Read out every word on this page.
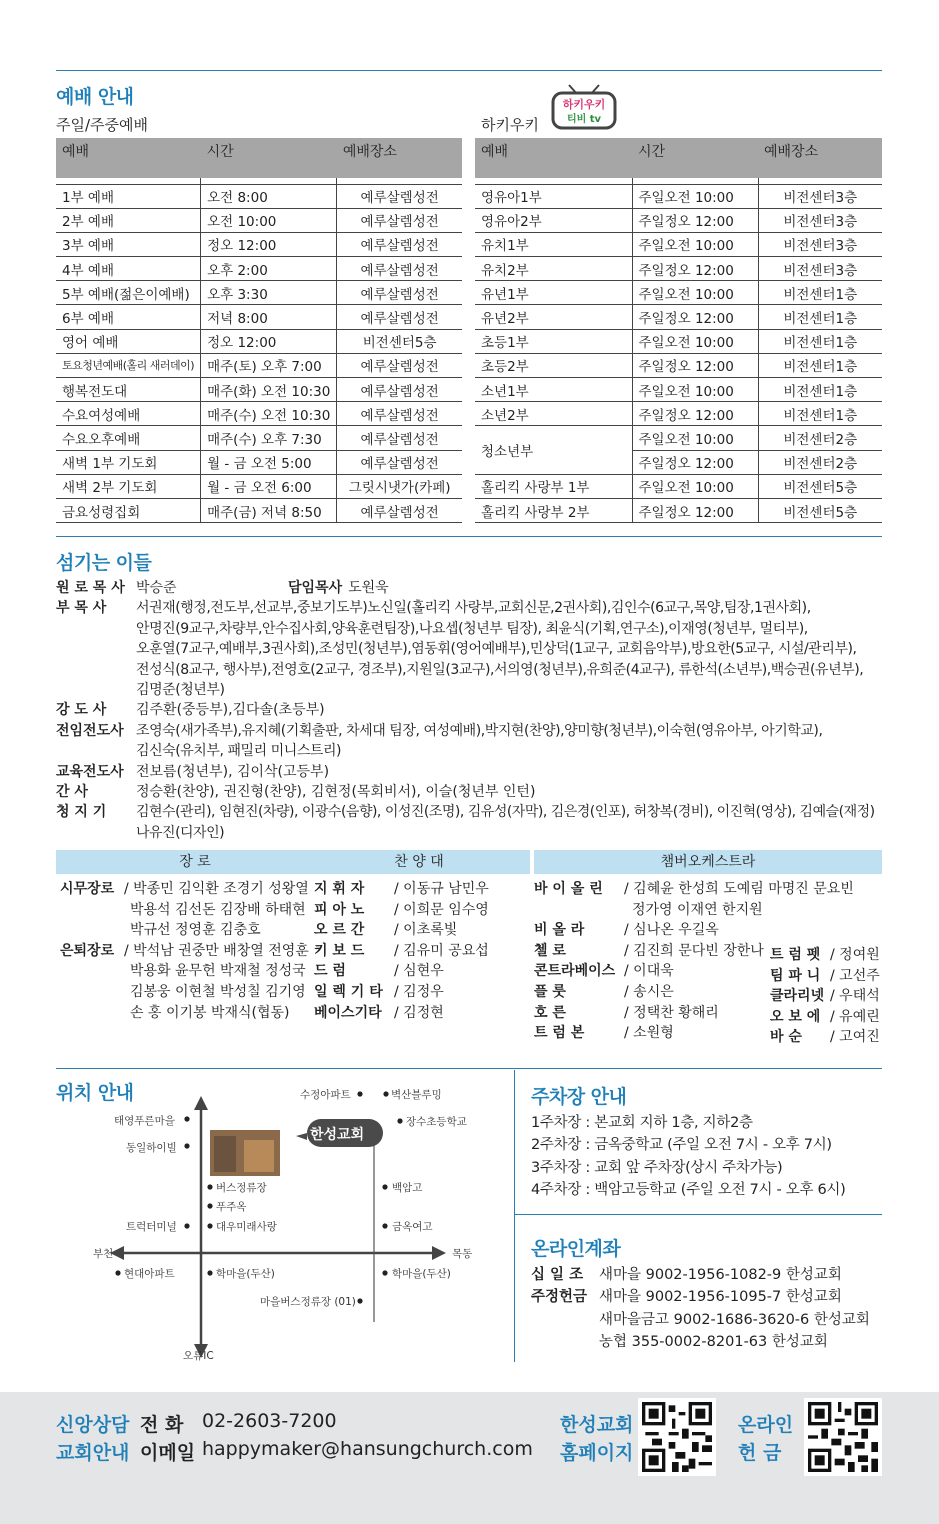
예배 안내
주일/주중예배	하키우키
하키우키
티비 tv
예배	시간	예배장소

1부 예배	오전 8:00	예루살렘성전
2부 예배	오전 10:00	예루살렘성전
3부 예배	정오 12:00	예루살렘성전
4부 예배	오후 2:00	예루살렘성전
5부 예배(젊은이예배)	오후 3:30	예루살렘성전
6부 예배	저녁 8:00	예루살렘성전
영어 예배	정오 12:00	비전센터5층
토요청년예배(홀리 새러데이)	매주(토) 오후 7:00	예루살렘성전
행복전도대	매주(화) 오전 10:30	예루살렘성전
수요여성예배	매주(수) 오전 10:30	예루살렘성전
수요오후예배	매주(수) 오후 7:30	예루살렘성전
새벽 1부 기도회	월 - 금 오전 5:00	예루살렘성전
새벽 2부 기도회	월 - 금 오전 6:00	그릿시냇가(카페)
금요성령집회	매주(금) 저녁 8:50	예루살렘성전
예배	시간	예배장소

영유아1부	주일오전 10:00	비전센터3층
영유아2부	주일정오 12:00	비전센터3층
유치1부	주일오전 10:00	비전센터3층
유치2부	주일정오 12:00	비전센터3층
유년1부	주일오전 10:00	비전센터1층
유년2부	주일정오 12:00	비전센터1층
초등1부	주일오전 10:00	비전센터1층
초등2부	주일정오 12:00	비전센터1층
소년1부	주일오전 10:00	비전센터1층
소년2부	주일정오 12:00	비전센터1층
청소년부	주일오전 10:00	비전센터2층
	주일정오 12:00	비전센터2층
홀리킥 사랑부 1부	주일오전 10:00	비전센터5층
홀리킥 사랑부 2부	주일정오 12:00	비전센터5층
섬기는 이들
원 로 목 사 박승준	담임목사 도원욱
부 목 사	서권재(행정,전도부,선교부,중보기도부)노신일(홀리킥 사랑부,교회신문,2권사회),김인수(6교구,목양,팀장,1권사회),
안명진(9교구,차량부,안수집사회,양육훈련팀장),나요셉(청년부 팀장), 최윤식(기획,연구소),이재영(청년부, 멀티부),
오훈열(7교구,예배부,3권사회),조성민(청년부),염동휘(영어예배부),민상덕(1교구, 교회음악부),방요한(5교구, 시설/관리부),
전성식(8교구, 행사부),전영호(2교구, 경조부),지원일(3교구),서의영(청년부),유희준(4교구), 류한석(소년부),백승권(유년부),
김명준(청년부)
강 도 사	김주환(중등부),김다솔(초등부)
전임전도사 조영숙(새가족부),유지혜(기획출판, 차세대 팀장, 여성예배),박지현(찬양),양미향(청년부),이숙현(영유아부, 아기학교),
김신숙(유치부, 패밀리 미니스트리)
교육전도사 전보름(청년부), 김이삭(고등부)
간 사	정승환(찬양), 권진형(찬양), 김현정(목회비서), 이슬(청년부 인턴)
청 지 기	김현수(관리), 임현진(차량), 이광수(음향), 이성진(조명), 김유성(자막), 김은경(인포), 허창복(경비), 이진혁(영상), 김예슬(재정)
나유진(디자인)
장 로	찬 양 대	챔버오케스트라
시무장로 / 박종민 김익환 조경기 성왕열
박용석 김선돈 김장배 하태현
박규선 정영훈 김충호
은퇴장로 / 박석남 권중만 배창열 전영훈
박용화 윤무헌 박재철 정성국
김봉웅 이현철 박성칠 김기영
손 홍 이기봉 박재식(협동)
지 휘 자	/ 이동규 남민우
피 아 노	/ 이희문 임수영
오 르 간	/ 이초록빛
키 보 드	/ 김유미 공요섭
드 럼	/ 심현우
일 렉 기 타 / 김정우
베이스기타 / 김정현
바 이 올 린	/ 김혜윤 한성희 도예림 마명진 문요빈
정가영 이재연 한지원
비 올 라	/ 심나온 우길옥
첼 로	/ 김진희 문다빈 장한나
콘트라베이스 / 이대욱
플 룻	/ 송시은
호 른	/ 정택찬 황해리
트 럼 본	/ 소원형
트 럼 펫 / 정여원
팀 파 니 / 고선주
클라리넷 / 우태석
오 보 에 / 유예린
바 순	/ 고여진
위치 안내
한성교회
수정아파트	벽산블루밍
태영푸른마을	장수초등학교
동일하이빌
버스정류장	백암고
푸주옥
트럭터미널	대우미래사랑	금옥여고
부천	목동
현대아파트	학마을(두산)	학마을(두산)
마을버스정류장 (01)
오류IC
주차장 안내
1주차장 : 본교회 지하 1층, 지하2층
2주차장 : 금옥중학교 (주일 오전 7시 - 오후 7시)
3주차장 : 교회 앞 주차장(상시 주차가능)
4주차장 : 백암고등학교 (주일 오전 7시 - 오후 6시)
온라인계좌
십 일 조	새마을 9002-1956-1082-9 한성교회
주정헌금 새마을 9002-1956-1095-7 한성교회
새마을금고 9002-1686-3620-6 한성교회
농협 355-0002-8201-63 한성교회
신앙상담
교회안내
전 화 02-2603-7200
이메일 happymaker@hansungchurch.com
한성교회
홈페이지
온라인
헌 금
